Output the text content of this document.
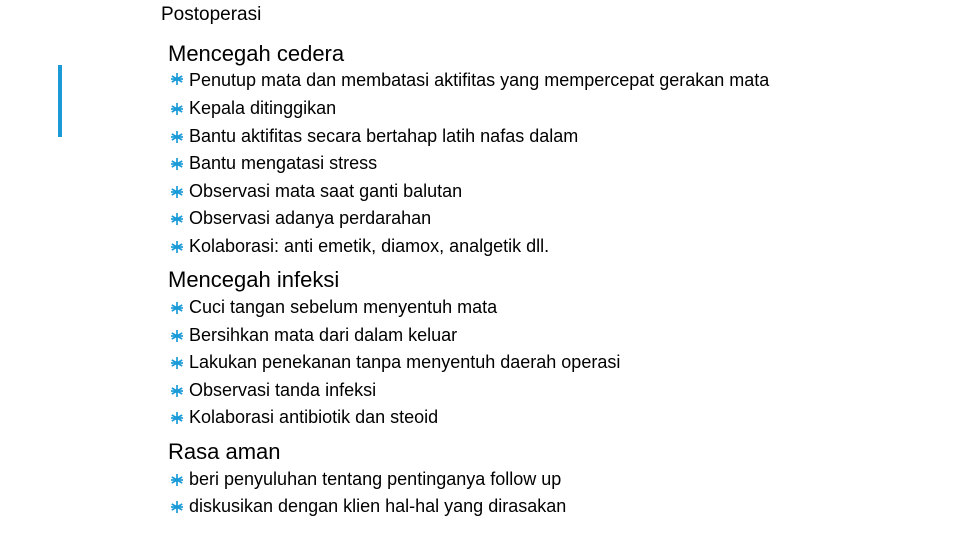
Postoperasi
Mencegah cedera
Penutup mata dan membatasi aktifitas yang mempercepat gerakan mata
Kepala ditinggikan
Bantu aktifitas secara bertahap latih nafas dalam
Bantu mengatasi stress
Observasi mata saat ganti balutan
Observasi adanya perdarahan
Kolaborasi: anti emetik, diamox, analgetik dll.
Mencegah infeksi
Cuci tangan sebelum menyentuh mata
Bersihkan mata dari dalam keluar
Lakukan penekanan tanpa menyentuh daerah operasi
Observasi tanda infeksi
Kolaborasi antibiotik dan steoid
Rasa aman
beri penyuluhan tentang pentinganya follow up
diskusikan dengan klien hal-hal yang dirasakan
